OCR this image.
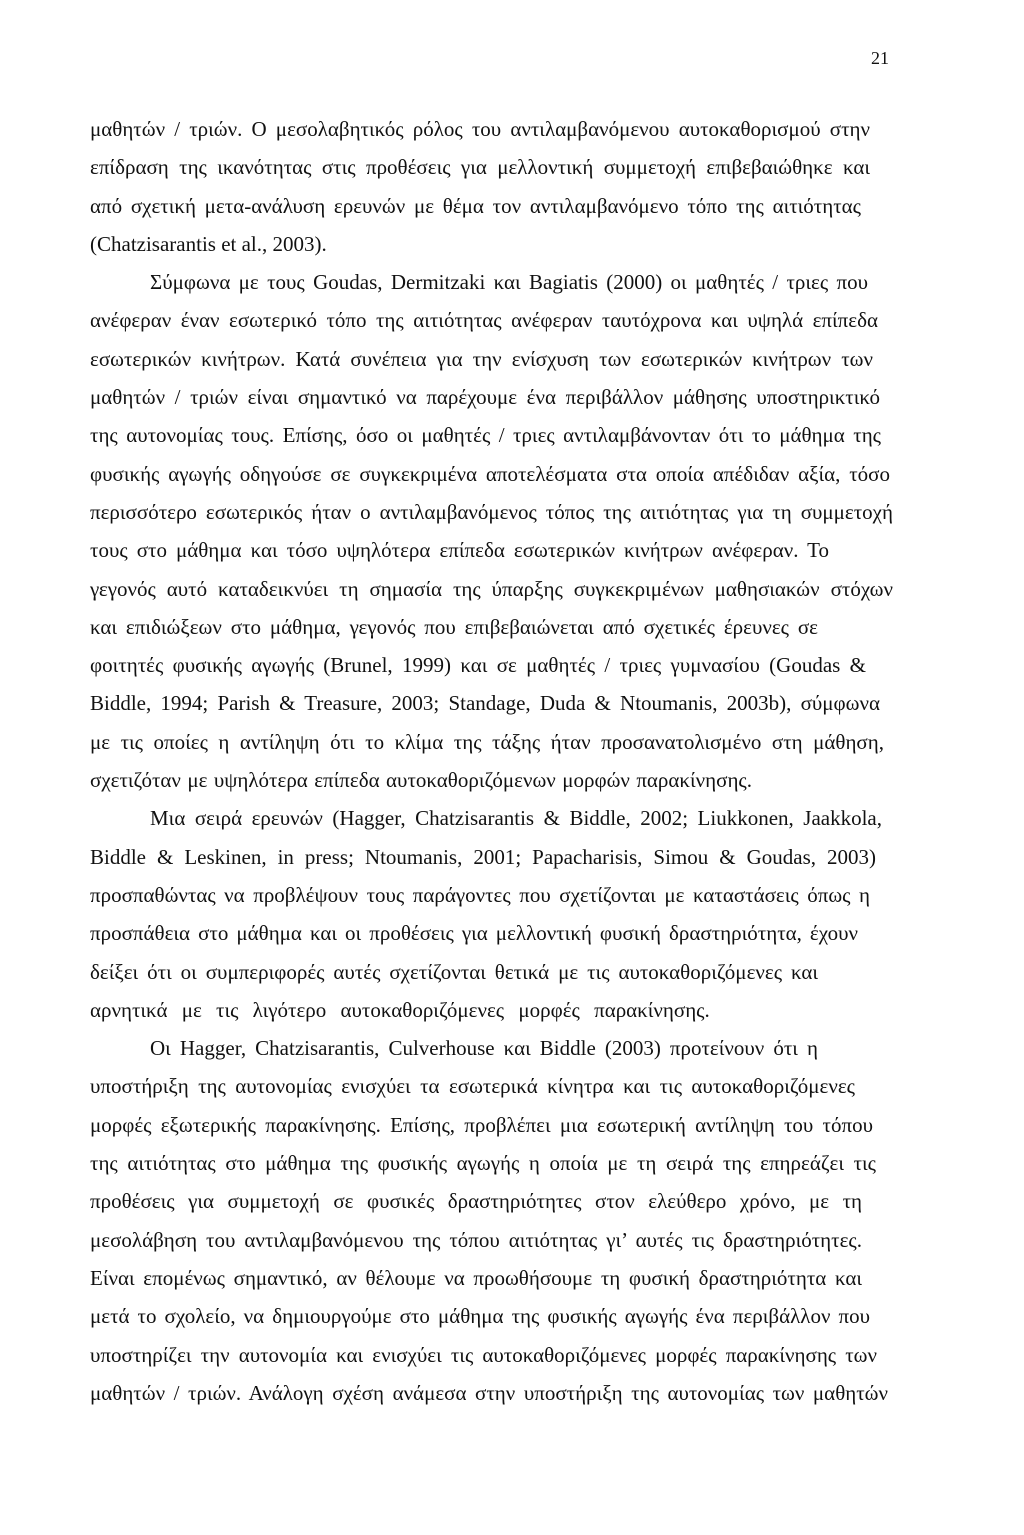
21
μαθητών / τριών. Ο μεσολαβητικός ρόλος του αντιλαμβανόμενου αυτοκαθορισμού στην
επίδραση της ικανότητας στις προθέσεις για μελλοντική συμμετοχή επιβεβαιώθηκε και
από σχετική μετα-ανάλυση ερευνών με θέμα τον αντιλαμβανόμενο τόπο της αιτιότητας
(Chatzisarantis et al., 2003).
Σύμφωνα με τους Goudas, Dermitzaki και Bagiatis (2000) οι μαθητές / τριες που
ανέφεραν έναν εσωτερικό τόπο της αιτιότητας ανέφεραν ταυτόχρονα και υψηλά επίπεδα
εσωτερικών κινήτρων. Κατά συνέπεια για την ενίσχυση των εσωτερικών κινήτρων των
μαθητών / τριών είναι σημαντικό να παρέχουμε ένα περιβάλλον μάθησης υποστηρικτικό
της αυτονομίας τους. Επίσης, όσο οι μαθητές / τριες αντιλαμβάνονταν ότι το μάθημα της
φυσικής αγωγής οδηγούσε σε συγκεκριμένα αποτελέσματα στα οποία απέδιδαν αξία, τόσο
περισσότερο εσωτερικός ήταν ο αντιλαμβανόμενος τόπος της αιτιότητας για τη συμμετοχή
τους στο μάθημα και τόσο υψηλότερα επίπεδα εσωτερικών κινήτρων ανέφεραν. Το
γεγονός αυτό καταδεικνύει τη σημασία της ύπαρξης συγκεκριμένων μαθησιακών στόχων
και επιδιώξεων στο μάθημα, γεγονός που επιβεβαιώνεται από σχετικές έρευνες σε
φοιτητές φυσικής αγωγής (Brunel, 1999) και σε μαθητές / τριες γυμνασίου (Goudas &
Biddle, 1994; Parish & Treasure, 2003; Standage, Duda & Ntoumanis, 2003b), σύμφωνα
με τις οποίες η αντίληψη ότι το κλίμα της τάξης ήταν προσανατολισμένο στη μάθηση,
σχετιζόταν με υψηλότερα επίπεδα αυτοκαθοριζόμενων μορφών παρακίνησης.
Μια σειρά ερευνών (Hagger, Chatzisarantis & Biddle, 2002; Liukkonen, Jaakkola,
Biddle & Leskinen, in press; Ntoumanis, 2001; Papacharisis, Simou & Goudas, 2003)
προσπαθώντας να προβλέψουν τους παράγοντες που σχετίζονται με καταστάσεις όπως η
προσπάθεια στο μάθημα και οι προθέσεις για μελλοντική φυσική δραστηριότητα, έχουν
δείξει ότι οι συμπεριφορές αυτές σχετίζονται θετικά με τις αυτοκαθοριζόμενες και
αρνητικά με τις λιγότερο αυτοκαθοριζόμενες μορφές παρακίνησης.
Οι Hagger, Chatzisarantis, Culverhouse και Biddle (2003) προτείνουν ότι η
υποστήριξη της αυτονομίας ενισχύει τα εσωτερικά κίνητρα και τις αυτοκαθοριζόμενες
μορφές εξωτερικής παρακίνησης. Επίσης, προβλέπει μια εσωτερική αντίληψη του τόπου
της αιτιότητας στο μάθημα της φυσικής αγωγής η οποία με τη σειρά της επηρεάζει τις
προθέσεις για συμμετοχή σε φυσικές δραστηριότητες στον ελεύθερο χρόνο, με τη
μεσολάβηση του αντιλαμβανόμενου της τόπου αιτιότητας γι’ αυτές τις δραστηριότητες.
Είναι επομένως σημαντικό, αν θέλουμε να προωθήσουμε τη φυσική δραστηριότητα και
μετά το σχολείο, να δημιουργούμε στο μάθημα της φυσικής αγωγής ένα περιβάλλον που
υποστηρίζει την αυτονομία και ενισχύει τις αυτοκαθοριζόμενες μορφές παρακίνησης των
μαθητών / τριών. Ανάλογη σχέση ανάμεσα στην υποστήριξη της αυτονομίας των μαθητών
